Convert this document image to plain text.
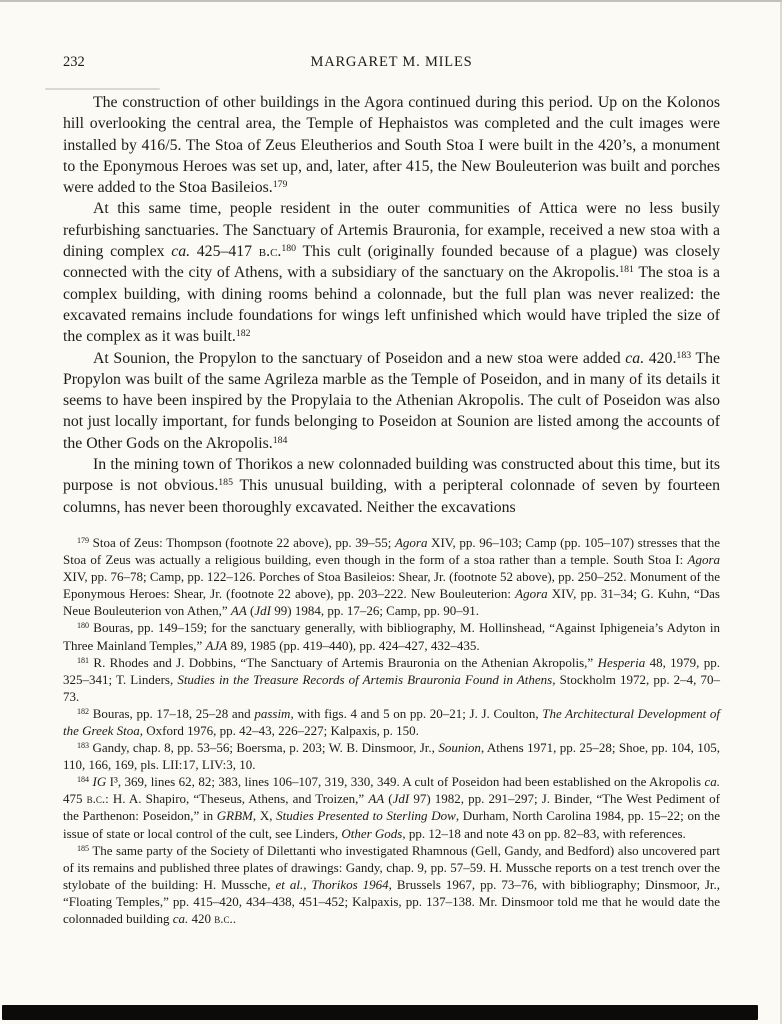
232	MARGARET M. MILES

The construction of other buildings in the Agora continued during this period. Up on the Kolonos hill overlooking the central area, the Temple of Hephaistos was completed and the cult images were installed by 416/5. The Stoa of Zeus Eleutherios and South Stoa I were built in the 420’s, a monument to the Eponymous Heroes was set up, and, later, after 415, the New Bouleuterion was built and porches were added to the Stoa Basileios.$^{179}$

At this same time, people resident in the outer communities of Attica were no less busily refurbishing sanctuaries. The Sanctuary of Artemis Brauronia, for example, received a new stoa with a dining complex ca. 425–417 b.c.$^{180}$ This cult (originally founded because of a plague) was closely connected with the city of Athens, with a subsidiary of the sanctuary on the Akropolis.$^{181}$ The stoa is a complex building, with dining rooms behind a colonnade, but the full plan was never realized: the excavated remains include foundations for wings left unfinished which would have tripled the size of the complex as it was built.$^{182}$

At Sounion, the Propylon to the sanctuary of Poseidon and a new stoa were added ca. 420.$^{183}$ The Propylon was built of the same Agrileza marble as the Temple of Poseidon, and in many of its details it seems to have been inspired by the Propylaia to the Athenian Akropolis. The cult of Poseidon was also not just locally important, for funds belonging to Poseidon at Sounion are listed among the accounts of the Other Gods on the Akropolis.$^{184}$

In the mining town of Thorikos a new colonnaded building was constructed about this time, but its purpose is not obvious.$^{185}$ This unusual building, with a peripteral colonnade of seven by fourteen columns, has never been thoroughly excavated. Neither the excavations

$^{179}$ Stoa of Zeus: Thompson (footnote 22 above), pp. 39–55; Agora XIV, pp. 96–103; Camp (pp. 105–107) stresses that the Stoa of Zeus was actually a religious building, even though in the form of a stoa rather than a temple. South Stoa I: Agora XIV, pp. 76–78; Camp, pp. 122–126. Porches of Stoa Basileios: Shear, Jr. (footnote 52 above), pp. 250–252. Monument of the Eponymous Heroes: Shear, Jr. (footnote 22 above), pp. 203–222. New Bouleuterion: Agora XIV, pp. 31–34; G. Kuhn, “Das Neue Bouleuterion von Athen,” AA (JdI 99) 1984, pp. 17–26; Camp, pp. 90–91.

$^{180}$ Bouras, pp. 149–159; for the sanctuary generally, with bibliography, M. Hollinshead, “Against Iphigeneia’s Adyton in Three Mainland Temples,” AJA 89, 1985 (pp. 419–440), pp. 424–427, 432–435.

$^{181}$ R. Rhodes and J. Dobbins, “The Sanctuary of Artemis Brauronia on the Athenian Akropolis,” Hesperia 48, 1979, pp. 325–341; T. Linders, Studies in the Treasure Records of Artemis Brauronia Found in Athens, Stockholm 1972, pp. 2–4, 70–73.

$^{182}$ Bouras, pp. 17–18, 25–28 and passim, with figs. 4 and 5 on pp. 20–21; J. J. Coulton, The Architectural Development of the Greek Stoa, Oxford 1976, pp. 42–43, 226–227; Kalpaxis, p. 150.

$^{183}$ Gandy, chap. 8, pp. 53–56; Boersma, p. 203; W. B. Dinsmoor, Jr., Sounion, Athens 1971, pp. 25–28; Shoe, pp. 104, 105, 110, 166, 169, pls. LII:17, LIV:3, 10.

$^{184}$ IG I³, 369, lines 62, 82; 383, lines 106–107, 319, 330, 349. A cult of Poseidon had been established on the Akropolis ca. 475 b.c.: H. A. Shapiro, “Theseus, Athens, and Troizen,” AA (JdI 97) 1982, pp. 291–297; J. Binder, “The West Pediment of the Parthenon: Poseidon,” in GRBM, X, Studies Presented to Sterling Dow, Durham, North Carolina 1984, pp. 15–22; on the issue of state or local control of the cult, see Linders, Other Gods, pp. 12–18 and note 43 on pp. 82–83, with references.

$^{185}$ The same party of the Society of Dilettanti who investigated Rhamnous (Gell, Gandy, and Bedford) also uncovered part of its remains and published three plates of drawings: Gandy, chap. 9, pp. 57–59. H. Mussche reports on a test trench over the stylobate of the building: H. Mussche, et al., Thorikos 1964, Brussels 1967, pp. 73–76, with bibliography; Dinsmoor, Jr., “Floating Temples,” pp. 415–420, 434–438, 451–452; Kalpaxis, pp. 137–138. Mr. Dinsmoor told me that he would date the colonnaded building ca. 420 b.c..
